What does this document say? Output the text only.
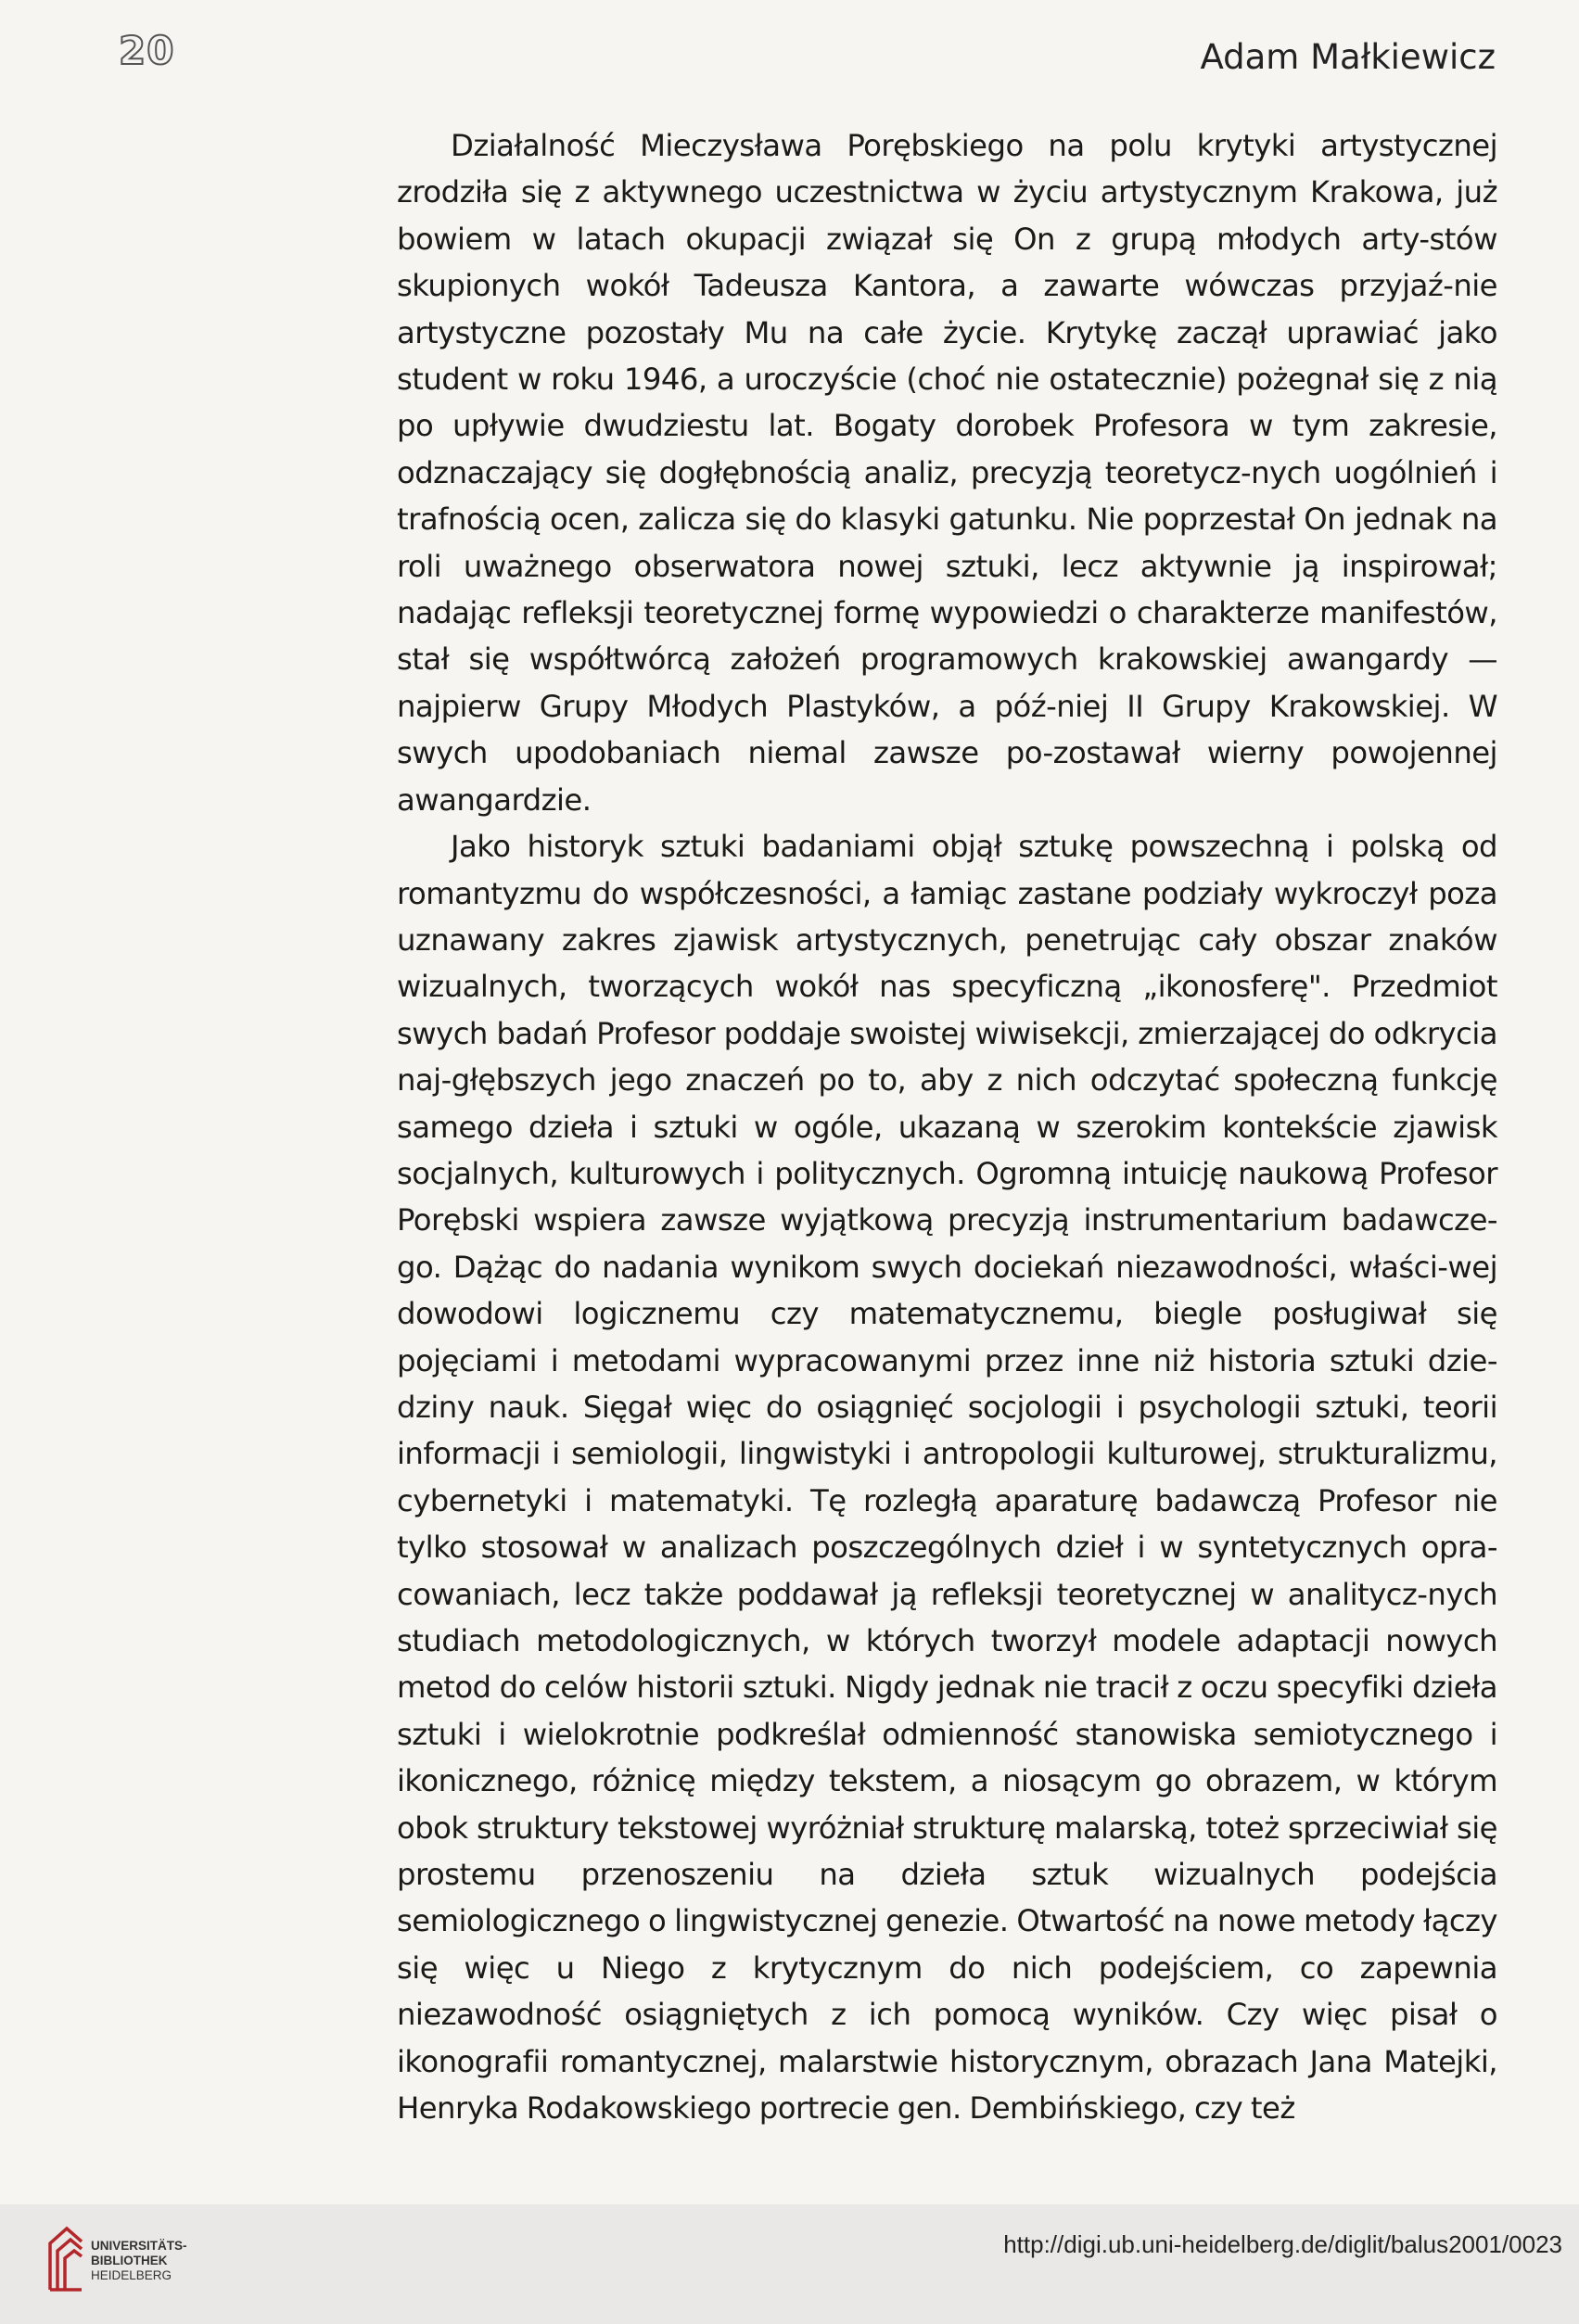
20	Adam Małkiewicz

Działalność Mieczysława Porębskiego na polu krytyki artystycznej zrodziła się z aktywnego uczestnictwa w życiu artystycznym Krakowa, już bowiem w latach okupacji związał się On z grupą młodych arty-stów skupionych wokół Tadeusza Kantora, a zawarte wówczas przyjaź-nie artystyczne pozostały Mu na całe życie. Krytykę zaczął uprawiać jako student w roku 1946, a uroczyście (choć nie ostatecznie) pożegnał się z nią po upływie dwudziestu lat. Bogaty dorobek Profesora w tym zakresie, odznaczający się dogłębnością analiz, precyzją teoretycz-nych uogólnień i trafnością ocen, zalicza się do klasyki gatunku. Nie poprzestał On jednak na roli uważnego obserwatora nowej sztuki, lecz aktywnie ją inspirował; nadając refleksji teoretycznej formę wypowiedzi o charakterze manifestów, stał się współtwórcą założeń programowych krakowskiej awangardy — najpierw Grupy Młodych Plastyków, a póź-niej II Grupy Krakowskiej. W swych upodobaniach niemal zawsze po-zostawał wierny powojennej awangardzie.

Jako historyk sztuki badaniami objął sztukę powszechną i polską od romantyzmu do współczesności, a łamiąc zastane podziały wykroczył poza uznawany zakres zjawisk artystycznych, penetrując cały obszar znaków wizualnych, tworzących wokół nas specyficzną „ikonosferę". Przedmiot swych badań Profesor poddaje swoistej wiwisekcji, zmierzającej do odkrycia naj-głębszych jego znaczeń po to, aby z nich odczytać społeczną funkcję samego dzieła i sztuki w ogóle, ukazaną w szerokim kontekście zjawisk socjalnych, kulturowych i politycznych. Ogromną intuicję naukową Profesor Porębski wspiera zawsze wyjątkową precyzją instrumentarium badawcze-go. Dążąc do nadania wynikom swych dociekań niezawodności, właści-wej dowodowi logicznemu czy matematycznemu, biegle posługiwał się pojęciami i metodami wypracowanymi przez inne niż historia sztuki dzie-dziny nauk. Sięgał więc do osiągnięć socjologii i psychologii sztuki, teorii informacji i semiologii, lingwistyki i antropologii kulturowej, strukturalizmu, cybernetyki i matematyki. Tę rozległą aparaturę badawczą Profesor nie tylko stosował w analizach poszczególnych dzieł i w syntetycznych opra-cowaniach, lecz także poddawał ją refleksji teoretycznej w analitycz-nych studiach metodologicznych, w których tworzył modele adaptacji nowych metod do celów historii sztuki. Nigdy jednak nie tracił z oczu specyfiki dzieła sztuki i wielokrotnie podkreślał odmienność stanowiska semiotycznego i ikonicznego, różnicę między tekstem, a niosącym go obrazem, w którym obok struktury tekstowej wyróżniał strukturę malarską, toteż sprzeciwiał się prostemu przenoszeniu na dzieła sztuk wizualnych podejścia semiologicznego o lingwistycznej genezie. Otwartość na nowe metody łączy się więc u Niego z krytycznym do nich podejściem, co zapewnia niezawodność osiągniętych z ich pomocą wyników. Czy więc pisał o ikonografii romantycznej, malarstwie historycznym, obrazach Jana Matejki, Henryka Rodakowskiego portrecie gen. Dembińskiego, czy też

UNIVERSITÄTS-
BIBLIOTHEK
HEIDELBERG
http://digi.ub.uni-heidelberg.de/diglit/balus2001/0023
